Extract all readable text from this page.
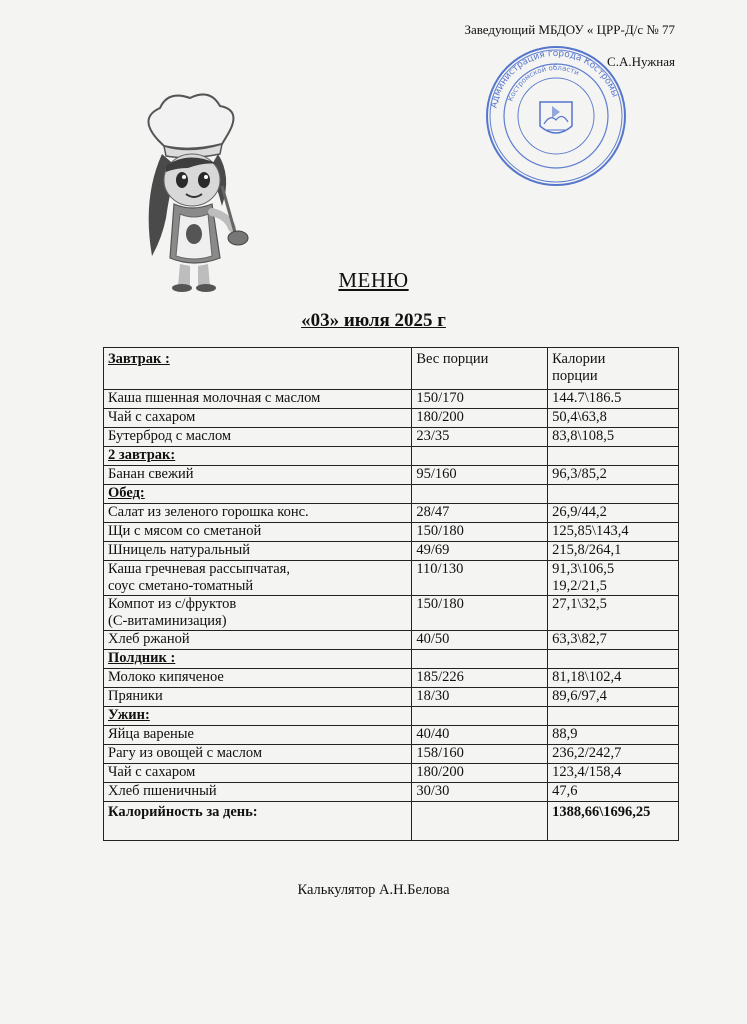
Заведующий МБДОУ « ЦРР-Д/с № 77
С.А.Нужная
Администрация города Костромы
Костромской области
МЕНЮ
«03» июля 2025 г
Завтрак :	Вес порции	Калории
порции
Каша пшенная молочная с маслом	150/170	144.7\186.5
Чай с сахаром	180/200	50,4\63,8
Бутерброд с маслом	23/35	83,8\108,5
2 завтрак:		
Банан свежий	95/160	96,3/85,2
Обед:		
Салат из зеленого горошка конс.	28/47	26,9/44,2
Щи с мясом со сметаной	150/180	125,85\143,4
Шницель натуральный	49/69	215,8/264,1
Каша гречневая рассыпчатая,
соус сметано-томатный	110/130	91,3\106,5
19,2/21,5
Компот из с/фруктов
(С-витаминизация)	150/180	27,1\32,5
Хлеб ржаной	40/50	63,3\82,7
Полдник :		
Молоко кипяченое	185/226	81,18\102,4
Пряники	18/30	89,6/97,4
Ужин:		
Яйца вареные	40/40	88,9
Рагу из овощей с маслом	158/160	236,2/242,7
Чай с сахаром	180/200	123,4/158,4
Хлеб пшеничный	30/30	47,6
Калорийность за день:		1388,66\1696,25
Калькулятор А.Н.Белова
